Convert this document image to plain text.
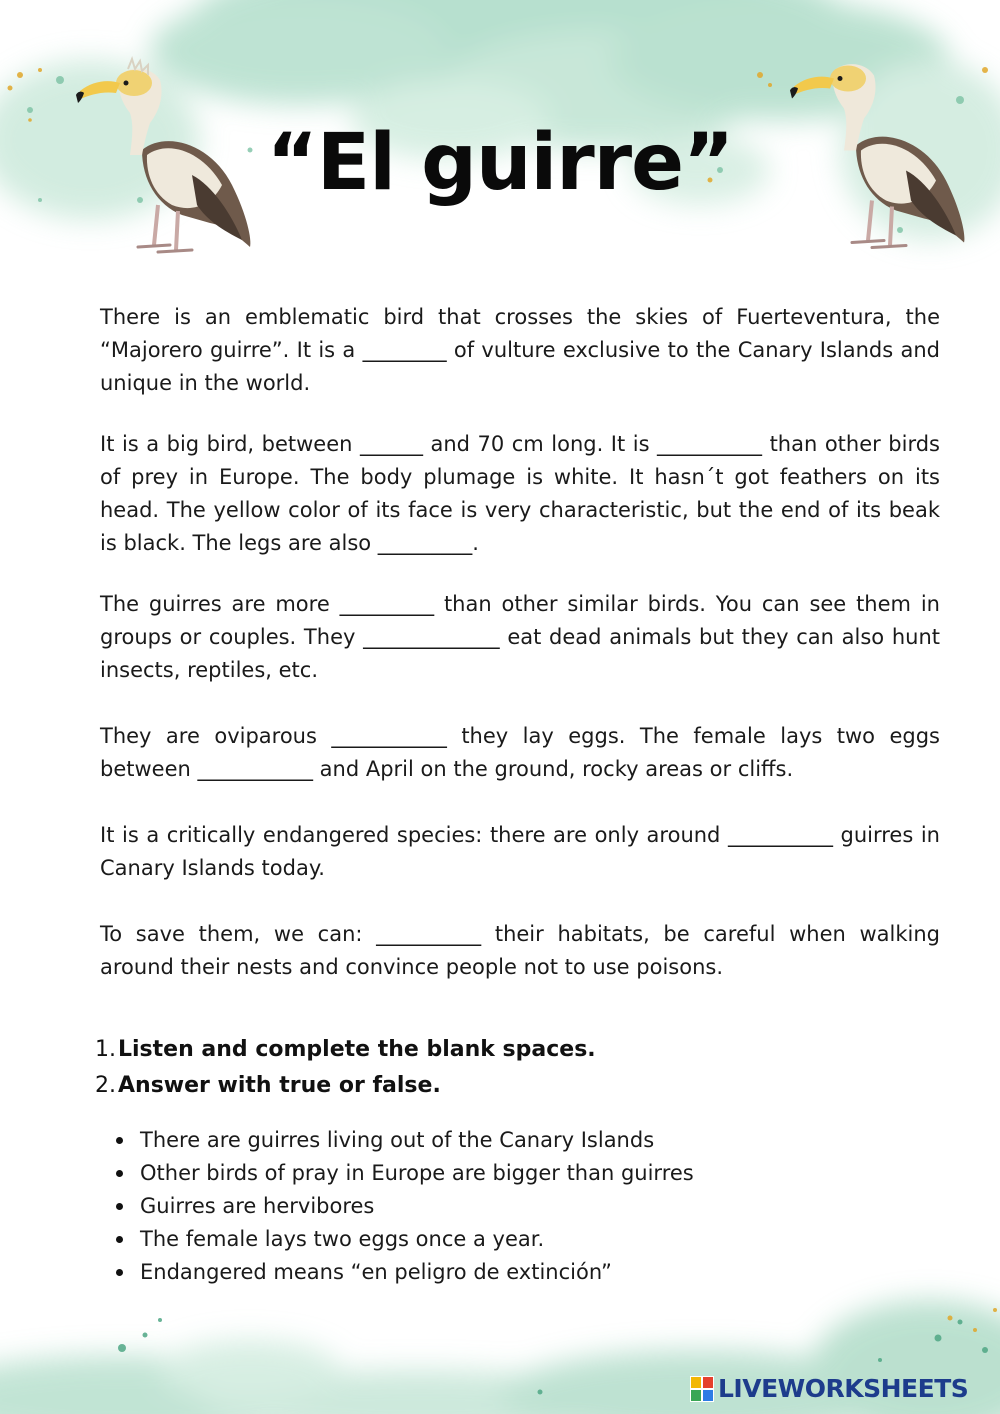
“El guirre”

There is an emblematic bird that crosses the skies of Fuerteventura, the “Majorero guirre”. It is a ________ of vulture exclusive to the Canary Islands and unique in the world.

It is a big bird, between ______ and 70 cm long. It is __________ than other birds of prey in Europe. The body plumage is white. It hasn´t got feathers on its head. The yellow color of its face is very characteristic, but the end of its beak is black. The legs are also _________.

The guirres are more _________ than other similar birds. You can see them in groups or couples. They _____________ eat dead animals but they can also hunt insects, reptiles, etc.

They are oviparous ___________ they lay eggs. The female lays two eggs between ___________ and April on the ground, rocky areas or cliffs.

It is a critically endangered species: there are only around __________ guirres in Canary Islands today.

To save them, we can: __________ their habitats, be careful when walking around their nests and convince people not to use poisons.

1. Listen and complete the blank spaces.
2. Answer with true or false.
There are guirres living out of the Canary Islands
Other birds of pray in Europe are bigger than guirres
Guirres are hervibores
The female lays two eggs once a year.
Endangered means “en peligro de extinción”
LIVEWORKSHEETS
